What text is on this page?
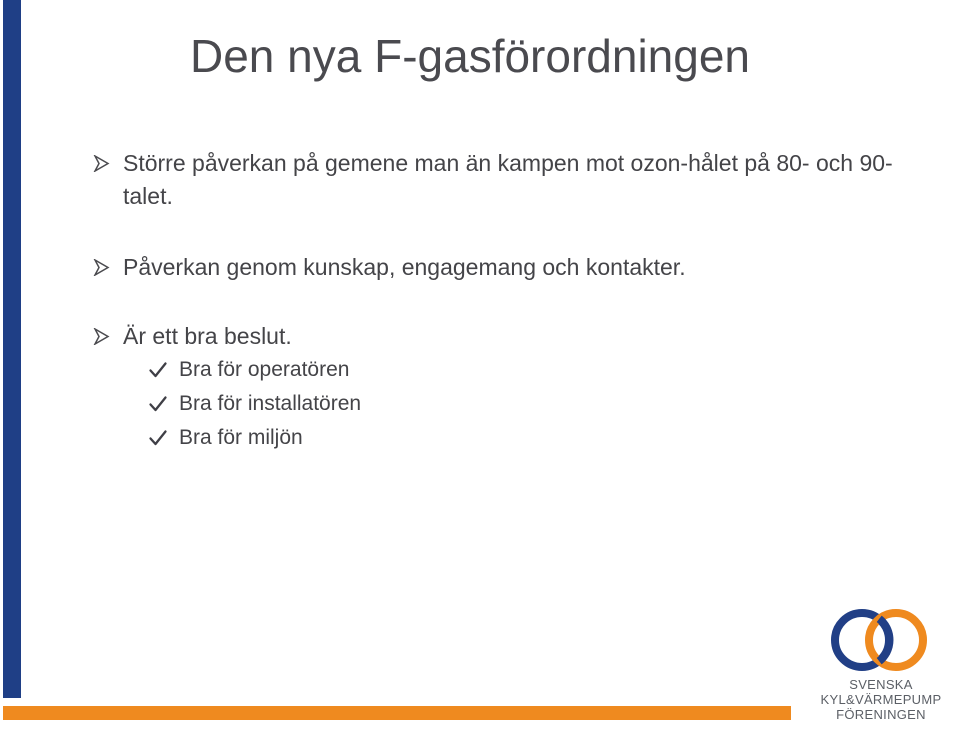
Den nya F-gasförordningen
Större påverkan på gemene man än kampen mot ozon-hålet på 80- och 90-talet.
Påverkan genom kunskap, engagemang och kontakter.
Är ett bra beslut.
Bra för operatören
Bra för installatören
Bra för miljön
SVENSKA
KYL&VÄRMEPUMP
FÖRENINGEN
